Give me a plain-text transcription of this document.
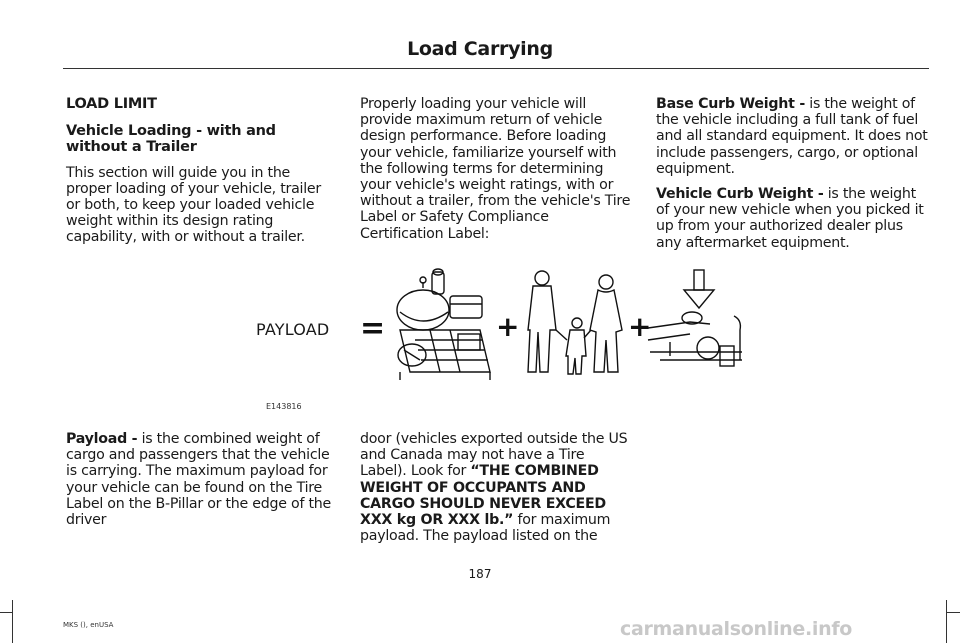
Load Carrying

LOAD LIMIT

Vehicle Loading - with and without a Trailer

This section will guide you in the proper loading of your vehicle, trailer or both, to keep your loaded vehicle weight within its design rating capability, with or without a trailer.

Properly loading your vehicle will provide maximum return of vehicle design performance. Before loading your vehicle, familiarize yourself with the following terms for determining your vehicle's weight ratings, with or without a trailer, from the vehicle's Tire Label or Safety Compliance Certification Label:

Base Curb Weight - is the weight of the vehicle including a full tank of fuel and all standard equipment. It does not include passengers, cargo, or optional equipment.

Vehicle Curb Weight - is the weight of your new vehicle when you picked it up from your authorized dealer plus any aftermarket equipment.

PAYLOAD =	+	+
E143816

Payload - is the combined weight of cargo and passengers that the vehicle is carrying. The maximum payload for your vehicle can be found on the Tire Label on the B-Pillar or the edge of the driver

door (vehicles exported outside the US and Canada may not have a Tire Label). Look for “THE COMBINED WEIGHT OF OCCUPANTS AND CARGO SHOULD NEVER EXCEED XXX kg OR XXX lb.” for maximum payload. The payload listed on the

187
MKS (), enUSA	carmanualsonline.info
